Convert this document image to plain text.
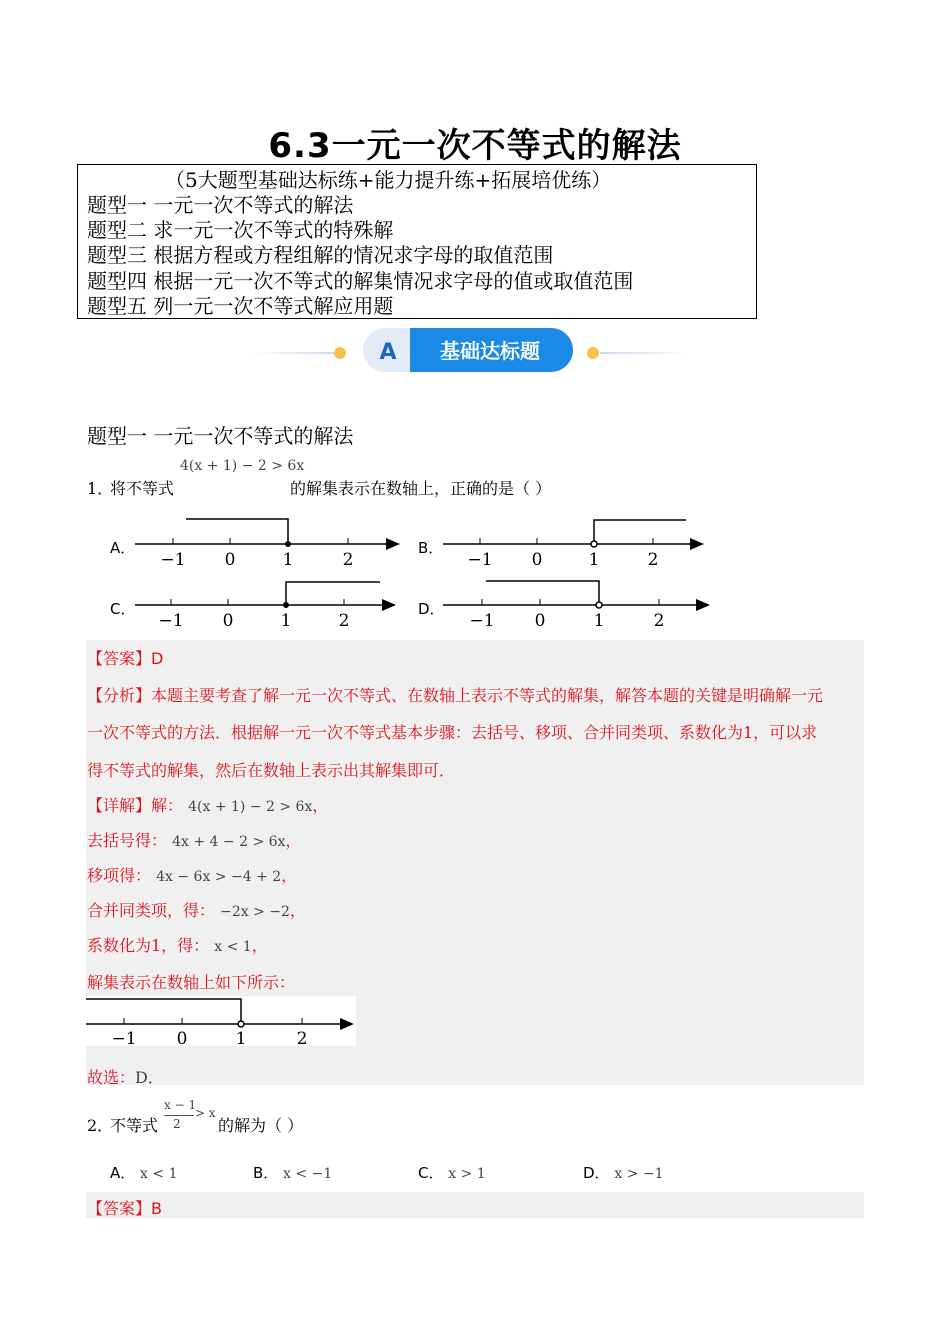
6.3一元一次不等式的解法
（5大题型基础达标练+能力提升练+拓展培优练）
题型一 一元一次不等式的解法
题型二 求一元一次不等式的特殊解
题型三 根据方程或方程组解的情况求字母的取值范围
题型四 根据一元一次不等式的解集情况求字母的值或取值范围
题型五 列一元一次不等式解应用题
A 基础达标题
题型一 一元一次不等式的解法
1．
将不等式
4(x + 1) − 2 > 6x
的解集表示在数轴上，正确的是（ ）
A．	B．
C．	D．
−1 0	1	2	−1 0	1	2
−1 0	1	2	−1 0	1	2
【答案】D
【分析】本题主要考查了解一元一次不等式、在数轴上表示不等式的解集，解答本题的关键是明确解一元
一次不等式的方法．根据解一元一次不等式基本步骤：去括号、移项、合并同类项、系数化为1，可以求
得不等式的解集，然后在数轴上表示出其解集即可．
【详解】解： 4(x + 1) − 2 > 6x，
去括号得： 4x + 4 − 2 > 6x，
移项得： 4x − 6x > −4 + 2，
合并同类项，得： −2x > −2，
系数化为1，得： x < 1，
解集表示在数轴上如下所示：
−1 0	1	2
故选：D．
2．
不等式
x − 1
2
> x
的解为（ ）
A． x < 1	B． x < −1	C． x > 1	D． x > −1
【答案】B
